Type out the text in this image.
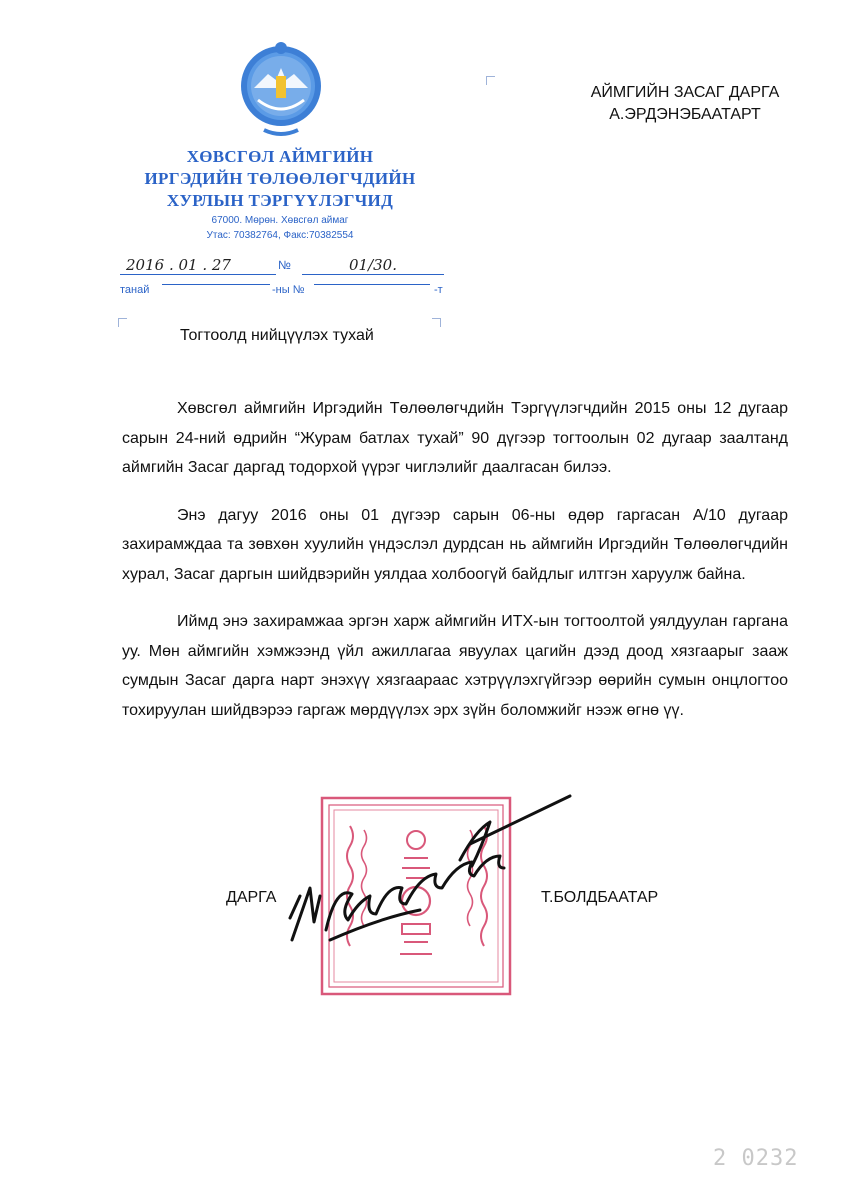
ХӨВСГӨЛ АЙМГИЙН
ИРГЭДИЙН ТӨЛӨӨЛӨГЧДИЙН
ХУРЛЫН ТЭРГҮҮЛЭГЧИД
67000. Мөрөн. Хөвсгөл аймаг
Утас: 70382764, Факс:70382554
АЙМГИЙН ЗАСАГ ДАРГА
А.ЭРДЭНЭБААТАРТ
2016 . 01 . 27	№	01/30.
танай	-ны №	-т
Тогтоолд нийцүүлэх тухай

Хөвсгөл аймгийн Иргэдийн Төлөөлөгчдийн Тэргүүлэгчдийн 2015 оны 12 дугаар сарын 24-ний өдрийн “Журам батлах тухай” 90 дүгээр тогтоолын 02 дугаар заалтанд аймгийн Засаг даргад тодорхой үүрэг чиглэлийг даалгасан билээ.

Энэ дагуу 2016 оны 01 дүгээр сарын 06-ны өдөр гаргасан А/10 дугаар захирамждаа та зөвхөн хуулийн үндэслэл дурдсан нь аймгийн Иргэдийн Төлөөлөгчдийн хурал, Засаг даргын шийдвэрийн уялдаа холбоогүй байдлыг илтгэн харуулж байна.

Иймд энэ захирамжаа эргэн харж аймгийн ИТХ-ын тогтоолтой уялдуулан гаргана уу. Мөн аймгийн хэмжээнд үйл ажиллагаа явуулах цагийн дээд доод хязгаарыг зааж сумдын Засаг дарга нарт энэхүү хязгаараас хэтрүүлэхгүйгээр өөрийн сумын онцлогтоо тохируулан шийдвэрээ гаргаж мөрдүүлэх эрх зүйн боломжийг нээж өгнө үү.

ДАРГА	Т.БОЛДБААТАР
2 0232
